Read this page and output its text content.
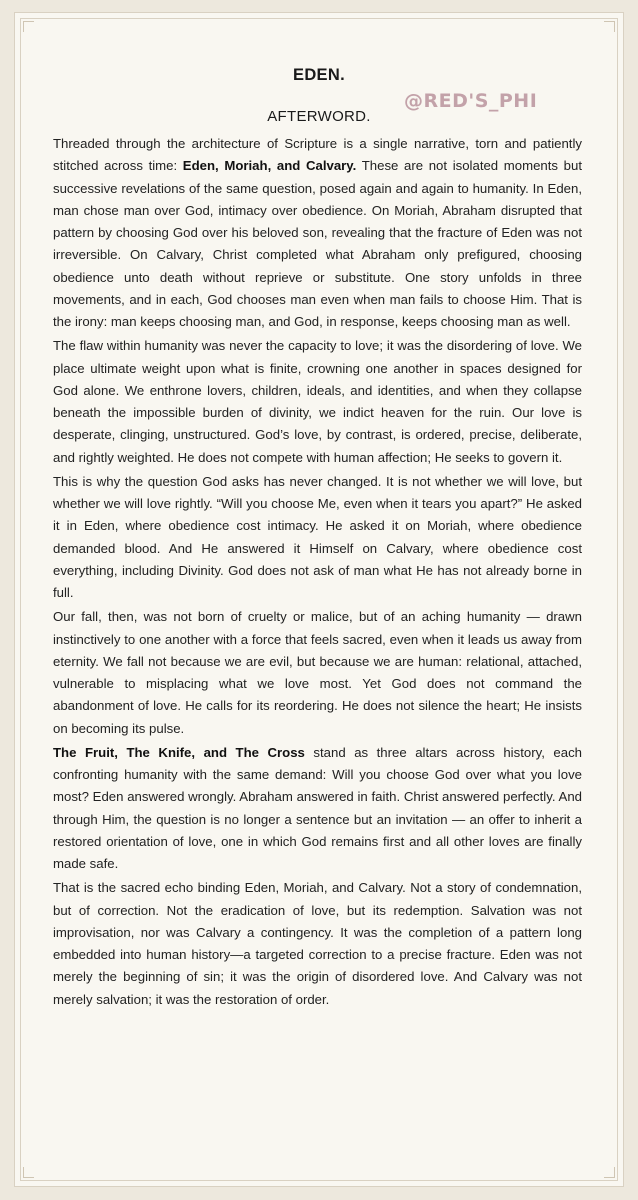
EDEN.
AFTERWORD.
@RED'S_PHI

Threaded through the architecture of Scripture is a single narrative, torn and patiently stitched across time: Eden, Moriah, and Calvary. These are not isolated moments but successive revelations of the same question, posed again and again to humanity. In Eden, man chose man over God, intimacy over obedience. On Moriah, Abraham disrupted that pattern by choosing God over his beloved son, revealing that the fracture of Eden was not irreversible. On Calvary, Christ completed what Abraham only prefigured, choosing obedience unto death without reprieve or substitute. One story unfolds in three movements, and in each, God chooses man even when man fails to choose Him. That is the irony: man keeps choosing man, and God, in response, keeps choosing man as well.

The flaw within humanity was never the capacity to love; it was the disordering of love. We place ultimate weight upon what is finite, crowning one another in spaces designed for God alone. We enthrone lovers, children, ideals, and identities, and when they collapse beneath the impossible burden of divinity, we indict heaven for the ruin. Our love is desperate, clinging, unstructured. God’s love, by contrast, is ordered, precise, deliberate, and rightly weighted. He does not compete with human affection; He seeks to govern it.

This is why the question God asks has never changed. It is not whether we will love, but whether we will love rightly. “Will you choose Me, even when it tears you apart?” He asked it in Eden, where obedience cost intimacy. He asked it on Moriah, where obedience demanded blood. And He answered it Himself on Calvary, where obedience cost everything, including Divinity. God does not ask of man what He has not already borne in full.

Our fall, then, was not born of cruelty or malice, but of an aching humanity — drawn instinctively to one another with a force that feels sacred, even when it leads us away from eternity. We fall not because we are evil, but because we are human: relational, attached, vulnerable to misplacing what we love most. Yet God does not command the abandonment of love. He calls for its reordering. He does not silence the heart; He insists on becoming its pulse.

The Fruit, The Knife, and The Cross stand as three altars across history, each confronting humanity with the same demand: Will you choose God over what you love most? Eden answered wrongly. Abraham answered in faith. Christ answered perfectly. And through Him, the question is no longer a sentence but an invitation — an offer to inherit a restored orientation of love, one in which God remains first and all other loves are finally made safe.

That is the sacred echo binding Eden, Moriah, and Calvary. Not a story of condemnation, but of correction. Not the eradication of love, but its redemption. Salvation was not improvisation, nor was Calvary a contingency. It was the completion of a pattern long embedded into human history—a targeted correction to a precise fracture. Eden was not merely the beginning of sin; it was the origin of disordered love. And Calvary was not merely salvation; it was the restoration of order.
